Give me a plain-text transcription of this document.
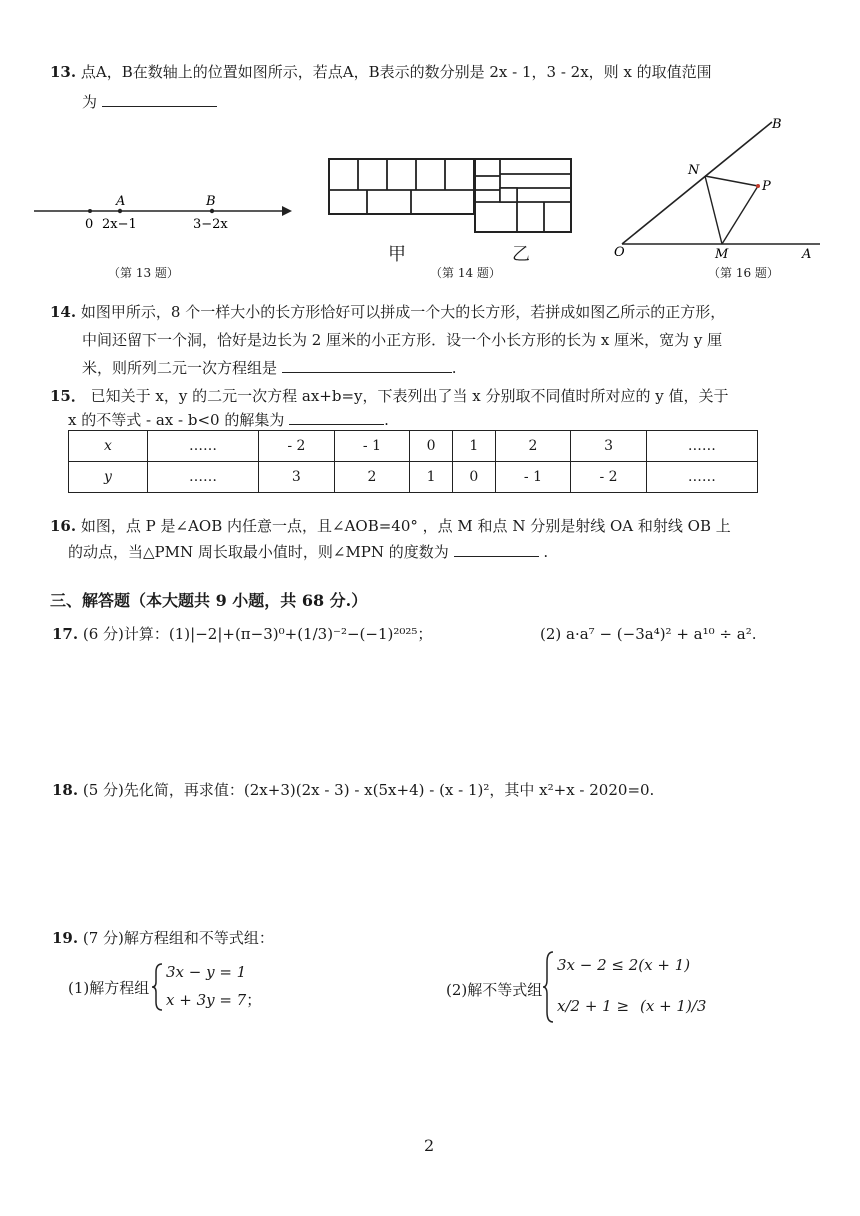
13. 点A，B在数轴上的位置如图所示，若点A，B表示的数分别是 2x - 1，3 - 2x，则 x 的取值范围
为
A	B
0 2x−1	3−2x
（第 13 题）
甲	乙
（第 14 题）
B
N
P
O	M	A
（第 16 题）
14. 如图甲所示，8 个一样大小的长方形恰好可以拼成一个大的长方形，若拼成如图乙所示的正方形，
中间还留下一个洞，恰好是边长为 2 厘米的小正方形．设一个小长方形的长为 x 厘米，宽为 y 厘
米，则所列二元一次方程组是	.
15． 已知关于 x，y 的二元一次方程 ax+b=y，下表列出了当 x 分别取不同值时所对应的 y 值，关于
x 的不等式 - ax - b<0 的解集为	.
x	……	- 2	- 1	0	1	2	3	……
y	……	3	2	1	0	- 1	- 2	……
16. 如图，点 P 是∠AOB 内任意一点，且∠AOB=40° ，点 M 和点 N 分别是射线 OA 和射线 OB 上
的动点，当△PMN 周长取最小值时，则∠MPN 的度数为	.
三、解答题（本大题共 9 小题，共 68 分.）
17. (6 分)计算：(1)|−2|+(π−3)⁰+(1/3)⁻²−(−1)²⁰²⁵；	(2) a·a⁷ − (−3a⁴)² + a¹⁰ ÷ a².
18. (5 分)先化简，再求值：(2x+3)(2x - 3) - x(5x+4) - (x - 1)²，其中 x²+x - 2020=0.
19. (7 分)解方程组和不等式组：
(1)解方程组
3x − y = 1
x + 3y = 7；
(2)解不等式组
3x − 2 ≤ 2(x + 1)
x/2 + 1 ≥ (x + 1)/3
2
